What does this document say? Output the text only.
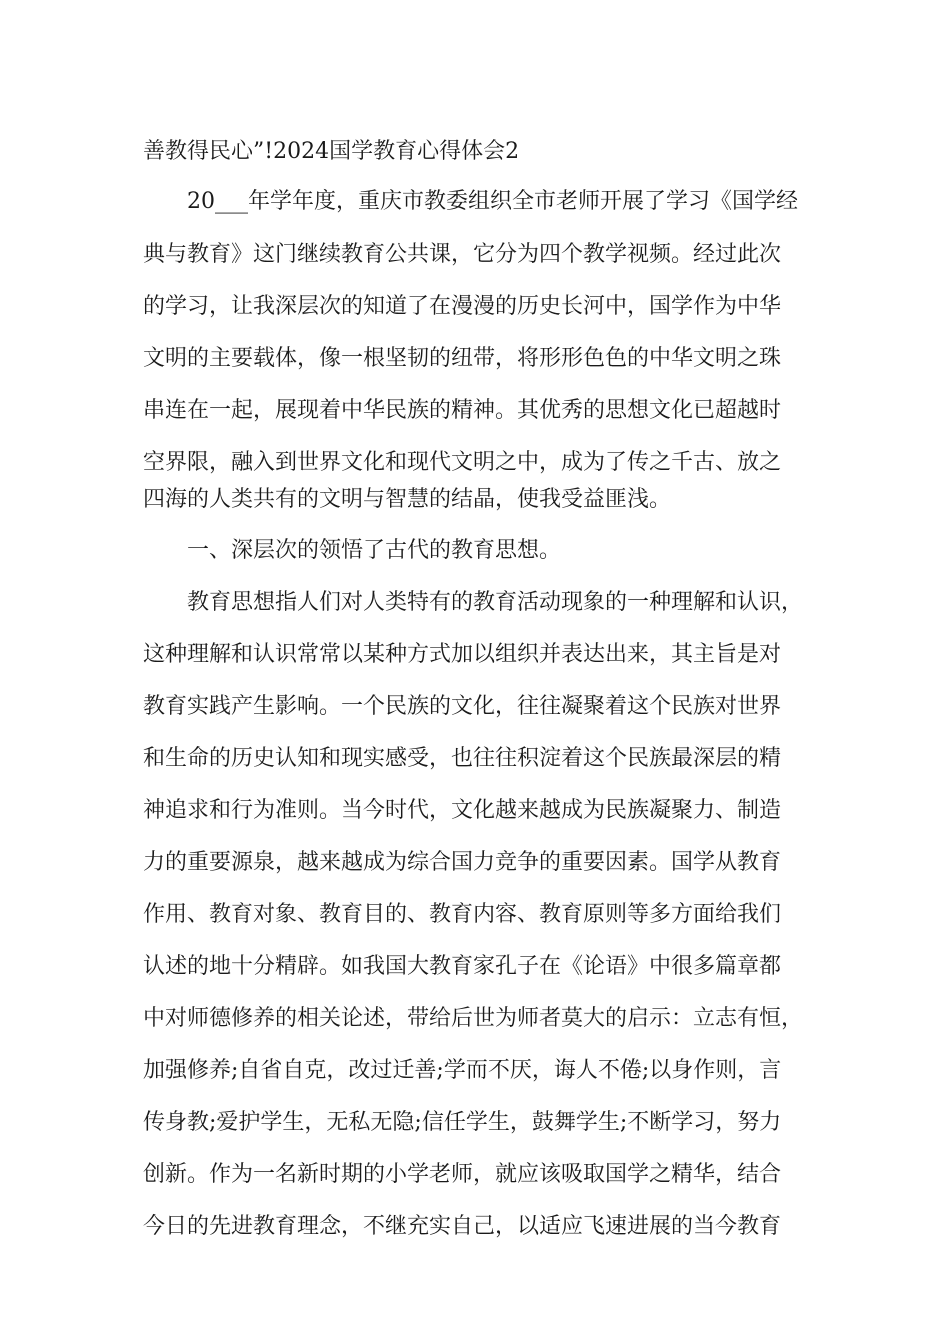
善教得民心”!2024国学教育心得体会2
20___年学年度，重庆市教委组织全市老师开展了学习《国学经
典与教育》这门继续教育公共课，它分为四个教学视频。经过此次
的学习，让我深层次的知道了在漫漫的历史长河中，国学作为中华
文明的主要载体，像一根坚韧的纽带，将形形色色的中华文明之珠
串连在一起，展现着中华民族的精神。其优秀的思想文化已超越时
空界限，融入到世界文化和现代文明之中，成为了传之千古、放之
四海的人类共有的文明与智慧的结晶，使我受益匪浅。
一、深层次的领悟了古代的教育思想。
教育思想指人们对人类特有的教育活动现象的一种理解和认识，
这种理解和认识常常以某种方式加以组织并表达出来，其主旨是对
教育实践产生影响。一个民族的文化，往往凝聚着这个民族对世界
和生命的历史认知和现实感受，也往往积淀着这个民族最深层的精
神追求和行为准则。当今时代，文化越来越成为民族凝聚力、制造
力的重要源泉，越来越成为综合国力竞争的重要因素。国学从教育
作用、教育对象、教育目的、教育内容、教育原则等多方面给我们
认述的地十分精辟。如我国大教育家孔子在《论语》中很多篇章都
中对师德修养的相关论述，带给后世为师者莫大的启示：立志有恒，
加强修养;自省自克，改过迁善;学而不厌，诲人不倦;以身作则，言
传身教;爱护学生，无私无隐;信任学生，鼓舞学生;不断学习，努力
创新。作为一名新时期的小学老师，就应该吸取国学之精华，结合
今日的先进教育理念，不继充实自己，以适应飞速进展的当今教育
